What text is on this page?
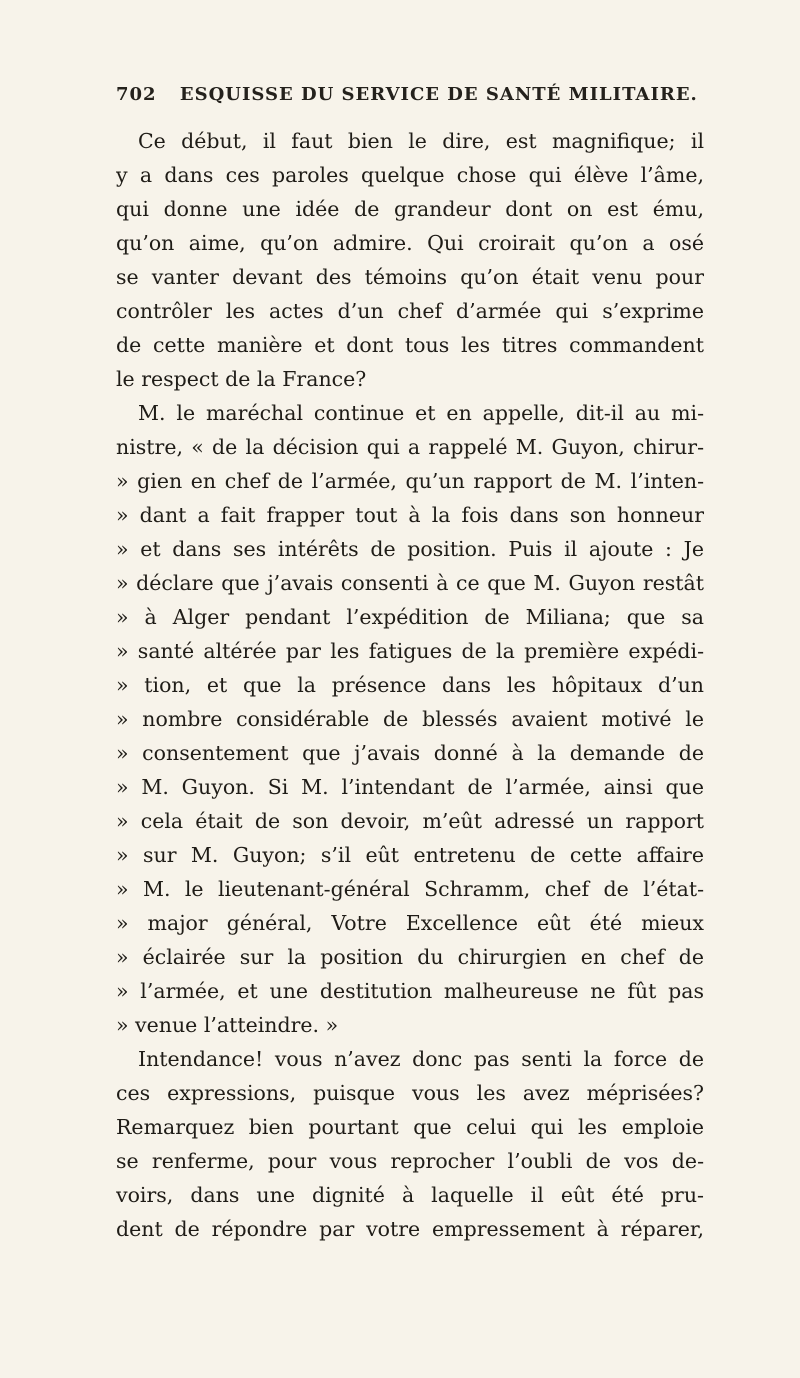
702 ESQUISSE DU SERVICE DE SANTÉ MILITAIRE.
Ce début, il faut bien le dire, est magnifique; il
y a dans ces paroles quelque chose qui élève l’âme,
qui donne une idée de grandeur dont on est ému,
qu’on aime, qu’on admire. Qui croirait qu’on a osé
se vanter devant des témoins qu’on était venu pour
contrôler les actes d’un chef d’armée qui s’exprime
de cette manière et dont tous les titres commandent
le respect de la France?
M. le maréchal continue et en appelle, dit-il au mi-
nistre, « de la décision qui a rappelé M. Guyon, chirur-
» gien en chef de l’armée, qu’un rapport de M. l’inten-
» dant a fait frapper tout à la fois dans son honneur
» et dans ses intérêts de position. Puis il ajoute : Je
» déclare que j’avais consenti à ce que M. Guyon restât
» à Alger pendant l’expédition de Miliana; que sa
» santé altérée par les fatigues de la première expédi-
» tion, et que la présence dans les hôpitaux d’un
» nombre considérable de blessés avaient motivé le
» consentement que j’avais donné à la demande de
» M. Guyon. Si M. l’intendant de l’armée, ainsi que
» cela était de son devoir, m’eût adressé un rapport
» sur M. Guyon; s’il eût entretenu de cette affaire
» M. le lieutenant-général Schramm, chef de l’état-
» major général, Votre Excellence eût été mieux
» éclairée sur la position du chirurgien en chef de
» l’armée, et une destitution malheureuse ne fût pas
» venue l’atteindre. »
Intendance! vous n’avez donc pas senti la force de
ces expressions, puisque vous les avez méprisées?
Remarquez bien pourtant que celui qui les emploie
se renferme, pour vous reprocher l’oubli de vos de-
voirs, dans une dignité à laquelle il eût été pru-
dent de répondre par votre empressement à réparer,
